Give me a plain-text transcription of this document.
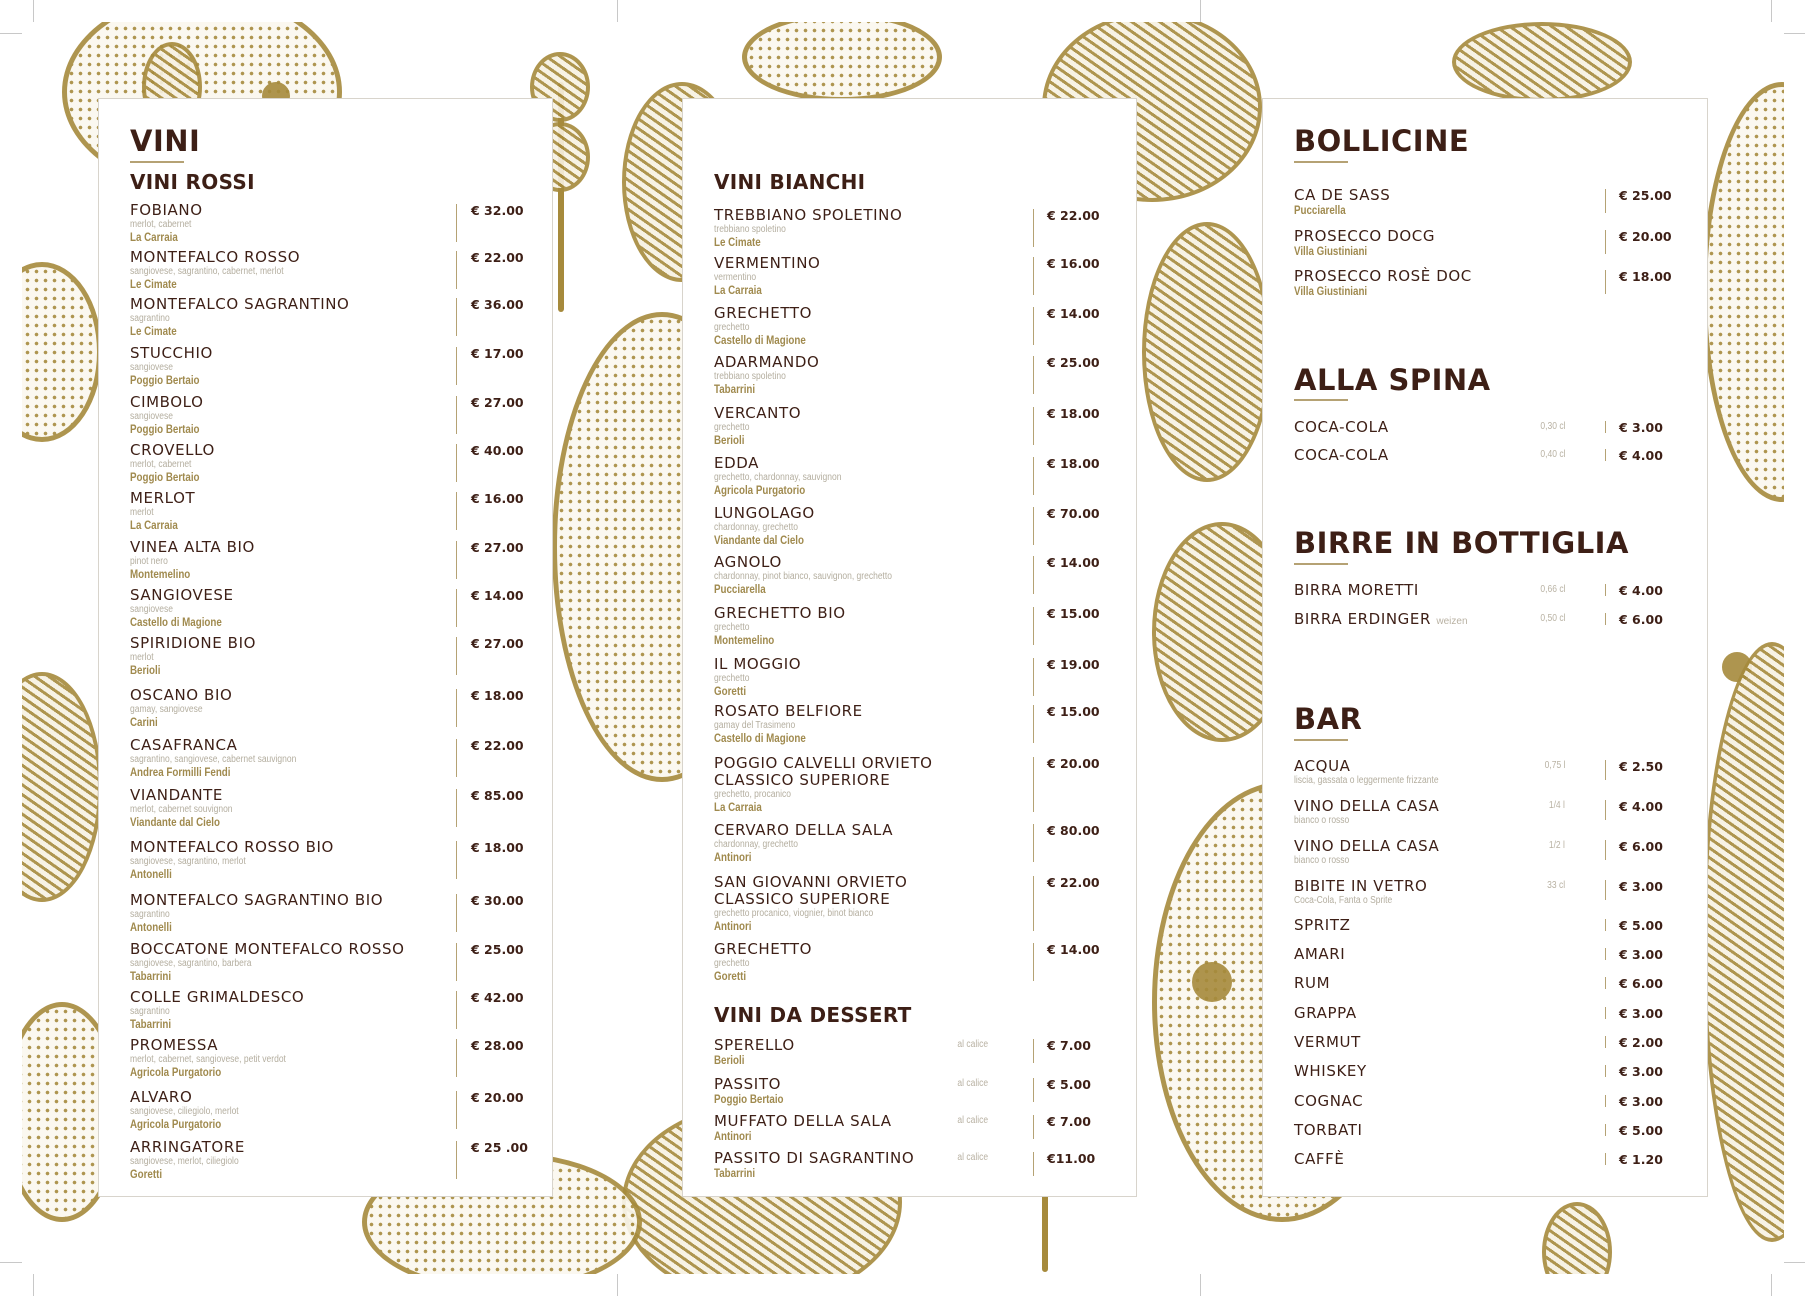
VINI
VINI ROSSI
FOBIANO
merlot, cabernet
La Carraia
€ 32.00
MONTEFALCO ROSSO
sangiovese, sagrantino, cabernet, merlot
Le Cimate
€ 22.00
MONTEFALCO SAGRANTINO
sagrantino
Le Cimate
€ 36.00
STUCCHIO
sangiovese
Poggio Bertaio
€ 17.00
CIMBOLO
sangiovese
Poggio Bertaio
€ 27.00
CROVELLO
merlot, cabernet
Poggio Bertaio
€ 40.00
MERLOT
merlot
La Carraia
€ 16.00
VINEA ALTA BIO
pinot nero
Montemelino
€ 27.00
SANGIOVESE
sangiovese
Castello di Magione
€ 14.00
SPIRIDIONE BIO
merlot
Berioli
€ 27.00
OSCANO BIO
gamay, sangiovese
Carini
€ 18.00
CASAFRANCA
sagrantino, sangiovese, cabernet sauvignon
Andrea Formilli Fendi
€ 22.00
VIANDANTE
merlot, cabernet souvignon
Viandante dal Cielo
€ 85.00
MONTEFALCO ROSSO BIO
sangiovese, sagrantino, merlot
Antonelli
€ 18.00
MONTEFALCO SAGRANTINO BIO
sagrantino
Antonelli
€ 30.00
BOCCATONE MONTEFALCO ROSSO
sangiovese, sagrantino, barbera
Tabarrini
€ 25.00
COLLE GRIMALDESCO
sagrantino
Tabarrini
€ 42.00
PROMESSA
merlot, cabernet, sangiovese, petit verdot
Agricola Purgatorio
€ 28.00
ALVARO
sangiovese, ciliegiolo, merlot
Agricola Purgatorio
€ 20.00
ARRINGATORE
sangiovese, merlot, ciliegiolo
Goretti
€ 25 .00
VINI BIANCHI
TREBBIANO SPOLETINO
trebbiano spoletino
Le Cimate
€ 22.00
VERMENTINO
vermentino
La Carraia
€ 16.00
GRECHETTO
grechetto
Castello di Magione
€ 14.00
ADARMANDO
trebbiano spoletino
Tabarrini
€ 25.00
VERCANTO
grechetto
Berioli
€ 18.00
EDDA
grechetto, chardonnay, sauvignon
Agricola Purgatorio
€ 18.00
LUNGOLAGO
chardonnay, grechetto
Viandante dal Cielo
€ 70.00
AGNOLO
chardonnay, pinot bianco, sauvignon, grechetto
Pucciarella
€ 14.00
GRECHETTO BIO
grechetto
Montemelino
€ 15.00
IL MOGGIO
grechetto
Goretti
€ 19.00
ROSATO BELFIORE
gamay del Trasimeno
Castello di Magione
€ 15.00
POGGIO CALVELLI ORVIETO
CLASSICO SUPERIORE
grechetto, procanico
La Carraia
€ 20.00
CERVARO DELLA SALA
chardonnay, grechetto
Antinori
€ 80.00
SAN GIOVANNI ORVIETO
CLASSICO SUPERIORE
grechetto procanico, viognier, binot bianco
Antinori
€ 22.00
GRECHETTO
grechetto
Goretti
€ 14.00
VINI DA DESSERT
SPERELLO
Berioli
al calice	€ 7.00
PASSITO
Poggio Bertaio
al calice	€ 5.00
MUFFATO DELLA SALA
Antinori
al calice	€ 7.00
PASSITO DI SAGRANTINO
Tabarrini
al calice	€11.00
BOLLICINE
CA DE SASS
Pucciarella
€ 25.00
PROSECCO DOCG
Villa Giustiniani
€ 20.00
PROSECCO ROSÈ DOC
Villa Giustiniani
€ 18.00
ALLA SPINA
COCA-COLA	0,30 cl	€ 3.00
COCA-COLA	0,40 cl	€ 4.00
BIRRE IN BOTTIGLIA
BIRRA MORETTI	0,66 cl	€ 4.00
BIRRA ERDINGER weizen	0,50 cl	€ 6.00
BAR
ACQUA
liscia, gassata o leggermente frizzante
0,75 l	€ 2.50
VINO DELLA CASA
bianco o rosso
1/4 l	€ 4.00
VINO DELLA CASA
bianco o rosso
1/2 l	€ 6.00
BIBITE IN VETRO
Coca-Cola, Fanta o Sprite
33 cl	€ 3.00
SPRITZ	€ 5.00
AMARI	€ 3.00
RUM	€ 6.00
GRAPPA	€ 3.00
VERMUT	€ 2.00
WHISKEY	€ 3.00
COGNAC	€ 3.00
TORBATI	€ 5.00
CAFFÈ	€ 1.20
